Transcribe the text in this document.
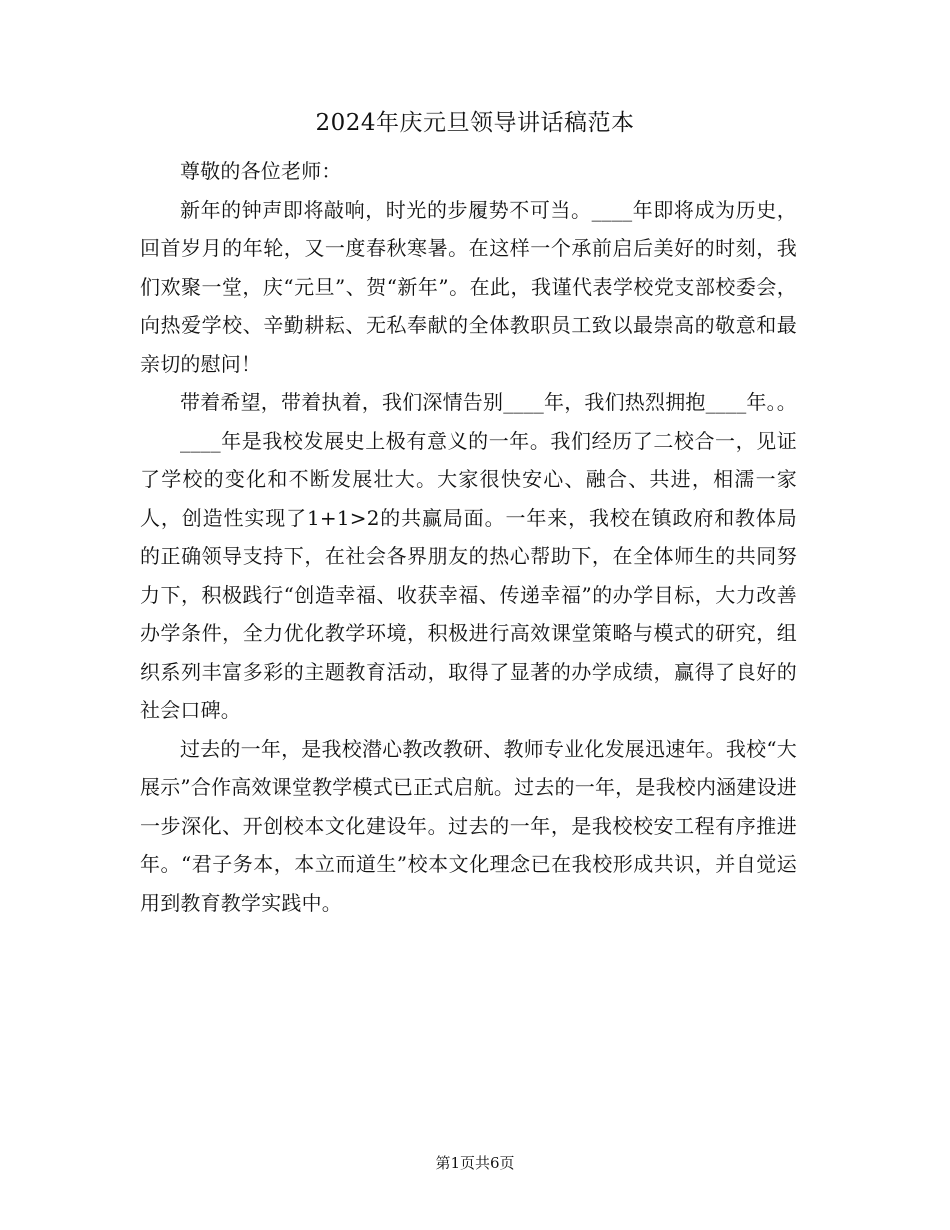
2024年庆元旦领导讲话稿范本

尊敬的各位老师：

新年的钟声即将敲响，时光的步履势不可当。____年即将成为历史，回首岁月的年轮，又一度春秋寒暑。在这样一个承前启后美好的时刻，我们欢聚一堂，庆“元旦”、贺“新年”。在此，我谨代表学校党支部校委会，向热爱学校、辛勤耕耘、无私奉献的全体教职员工致以最崇高的敬意和最亲切的慰问！

带着希望，带着执着，我们深情告别____年，我们热烈拥抱____年。。

____年是我校发展史上极有意义的一年。我们经历了二校合一，见证了学校的变化和不断发展壮大。大家很快安心、融合、共进，相濡一家人，创造性实现了1+1>2的共赢局面。一年来，我校在镇政府和教体局的正确领导支持下，在社会各界朋友的热心帮助下，在全体师生的共同努力下，积极践行“创造幸福、收获幸福、传递幸福”的办学目标，大力改善办学条件，全力优化教学环境，积极进行高效课堂策略与模式的研究，组织系列丰富多彩的主题教育活动，取得了显著的办学成绩，赢得了良好的社会口碑。

过去的一年，是我校潜心教改教研、教师专业化发展迅速年。我校“大展示”合作高效课堂教学模式已正式启航。过去的一年，是我校内涵建设进一步深化、开创校本文化建设年。过去的一年，是我校校安工程有序推进年。“君子务本，本立而道生”校本文化理念已在我校形成共识，并自觉运用到教育教学实践中。

第1页共6页
